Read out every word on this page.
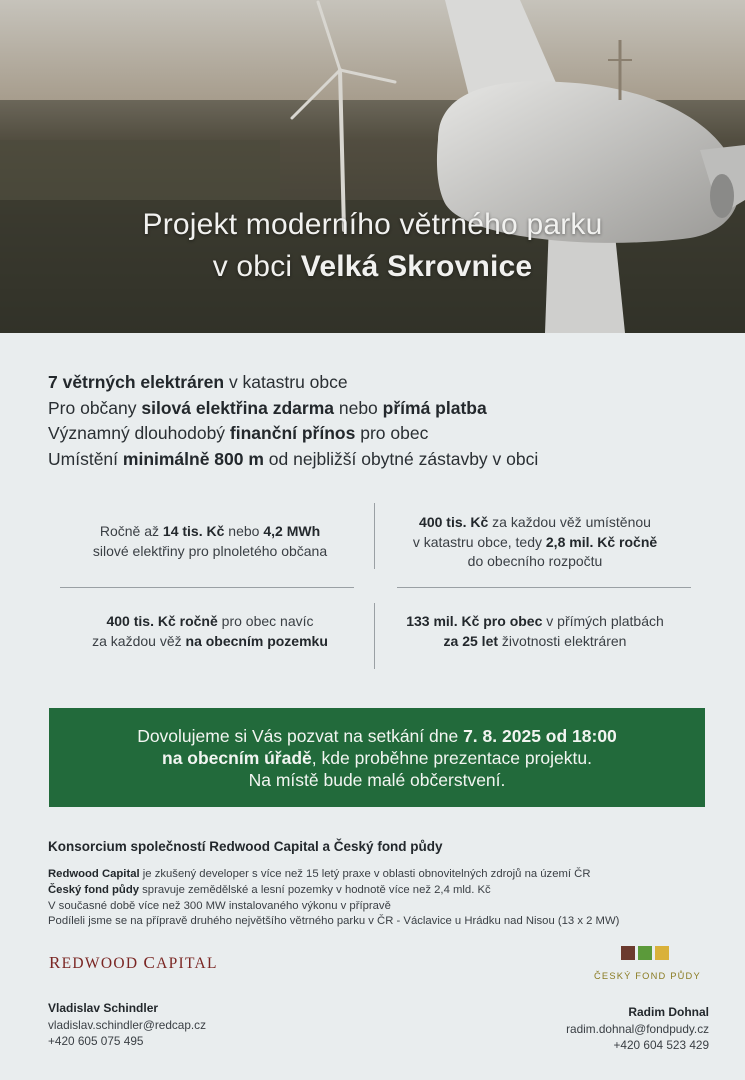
Projekt moderního větrného parku
v obci Velká Skrovnice
7 větrných elektráren v katastru obce
Pro občany silová elektřina zdarma nebo přímá platba
Významný dlouhodobý finanční přínos pro obec
Umístění minimálně 800 m od nejbližší obytné zástavby v obci
Ročně až 14 tis. Kč nebo 4,2 MWh
silové elektřiny pro plnoletého občana
400 tis. Kč za každou věž umístěnou
v katastru obce, tedy 2,8 mil. Kč ročně
do obecního rozpočtu
400 tis. Kč ročně pro obec navíc
za každou věž na obecním pozemku
133 mil. Kč pro obec v přímých platbách
za 25 let životnosti elektráren
Dovolujeme si Vás pozvat na setkání dne 7. 8. 2025 od 18:00
na obecním úřadě, kde proběhne prezentace projektu.
Na místě bude malé občerstvení.
Konsorcium společností Redwood Capital a Český fond půdy
Redwood Capital je zkušený developer s více než 15 letý praxe v oblasti obnovitelných zdrojů na území ČR
Český fond půdy spravuje zemědělské a lesní pozemky v hodnotě více než 2,4 mld. Kč
V současné době více než 300 MW instalovaného výkonu v přípravě
Podíleli jsme se na přípravě druhého největšího větrného parku v ČR - Václavice u Hrádku nad Nisou (13 x 2 MW)
REDWOOD CAPITAL
ČESKÝ FOND PŮDY
Vladislav Schindler
vladislav.schindler@redcap.cz
+420 605 075 495
Radim Dohnal
radim.dohnal@fondpudy.cz
+420 604 523 429
